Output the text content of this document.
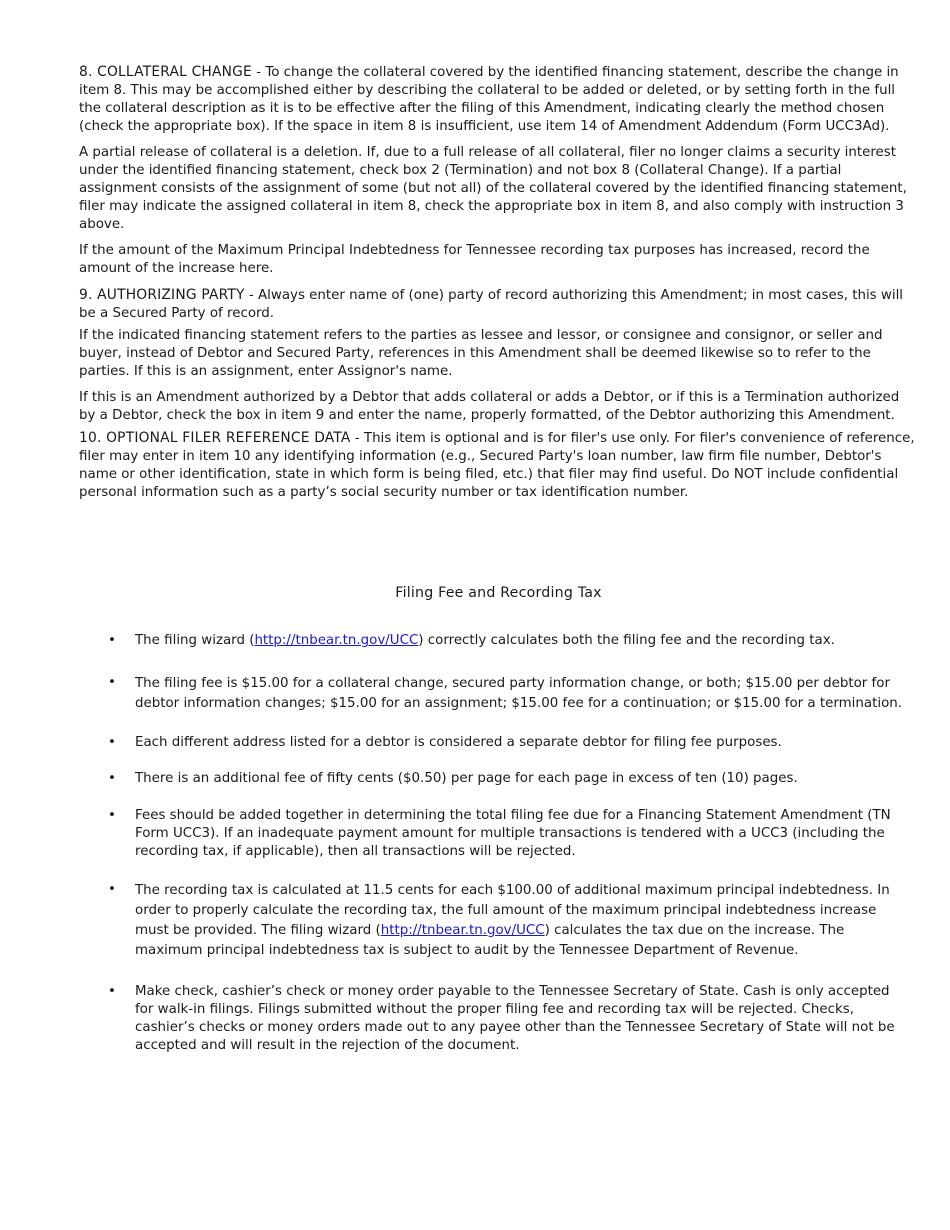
8. COLLATERAL CHANGE - To change the collateral covered by the identified financing statement, describe the change in item 8. This may be accomplished either by describing the collateral to be added or deleted, or by setting forth in the full the collateral description as it is to be effective after the filing of this Amendment, indicating clearly the method chosen (check the appropriate box). If the space in item 8 is insufficient, use item 14 of Amendment Addendum (Form UCC3Ad).

A partial release of collateral is a deletion. If, due to a full release of all collateral, filer no longer claims a security interest under the identified financing statement, check box 2 (Termination) and not box 8 (Collateral Change). If a partial assignment consists of the assignment of some (but not all) of the collateral covered by the identified financing statement, filer may indicate the assigned collateral in item 8, check the appropriate box in item 8, and also comply with instruction 3 above.

If the amount of the Maximum Principal Indebtedness for Tennessee recording tax purposes has increased, record the amount of the increase here.

9. AUTHORIZING PARTY - Always enter name of (one) party of record authorizing this Amendment; in most cases, this will be a Secured Party of record.

If the indicated financing statement refers to the parties as lessee and lessor, or consignee and consignor, or seller and buyer, instead of Debtor and Secured Party, references in this Amendment shall be deemed likewise so to refer to the parties. If this is an assignment, enter Assignor's name.

If this is an Amendment authorized by a Debtor that adds collateral or adds a Debtor, or if this is a Termination authorized by a Debtor, check the box in item 9 and enter the name, properly formatted, of the Debtor authorizing this Amendment.

10. OPTIONAL FILER REFERENCE DATA - This item is optional and is for filer's use only. For filer's convenience of reference, filer may enter in item 10 any identifying information (e.g., Secured Party's loan number, law firm file number, Debtor's name or other identification, state in which form is being filed, etc.) that filer may find useful. Do NOT include confidential personal information such as a party’s social security number or tax identification number.

Filing Fee and Recording Tax
• The filing wizard (http://tnbear.tn.gov/UCC) correctly calculates both the filing fee and the recording tax.
• The filing fee is $15.00 for a collateral change, secured party information change, or both; $15.00 per debtor for debtor information changes; $15.00 for an assignment; $15.00 fee for a continuation; or $15.00 for a termination.
• Each different address listed for a debtor is considered a separate debtor for filing fee purposes.
• There is an additional fee of fifty cents ($0.50) per page for each page in excess of ten (10) pages.
• Fees should be added together in determining the total filing fee due for a Financing Statement Amendment (TN Form UCC3). If an inadequate payment amount for multiple transactions is tendered with a UCC3 (including the recording tax, if applicable), then all transactions will be rejected.
• The recording tax is calculated at 11.5 cents for each $100.00 of additional maximum principal indebtedness. In order to properly calculate the recording tax, the full amount of the maximum principal indebtedness increase must be provided. The filing wizard (http://tnbear.tn.gov/UCC) calculates the tax due on the increase. The maximum principal indebtedness tax is subject to audit by the Tennessee Department of Revenue.
• Make check, cashier’s check or money order payable to the Tennessee Secretary of State. Cash is only accepted for walk-in filings. Filings submitted without the proper filing fee and recording tax will be rejected. Checks, cashier’s checks or money orders made out to any payee other than the Tennessee Secretary of State will not be accepted and will result in the rejection of the document.
